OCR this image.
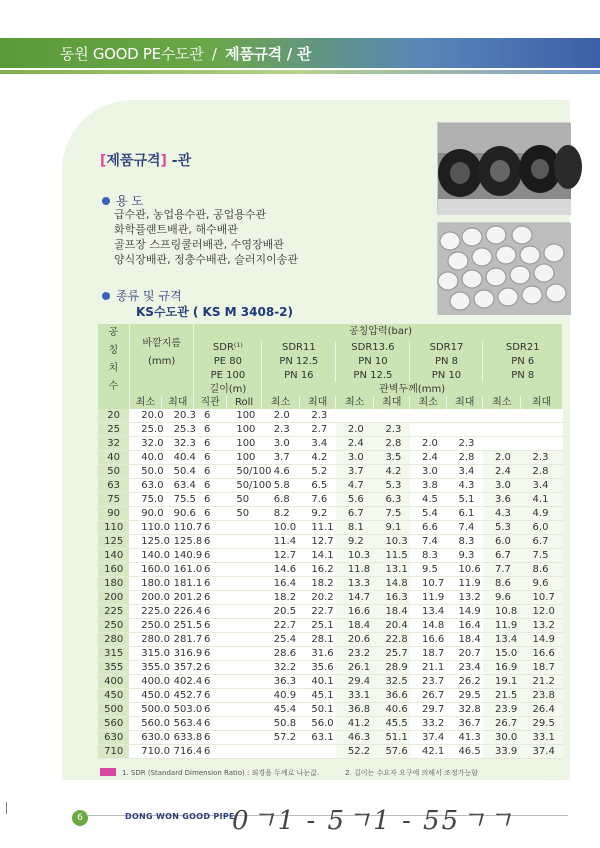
동원 GOOD PE수도관 / 제품규격 / 관
[제품규격] -관
용 도
급수관, 농업용수관, 공업용수관
화학플랜트배관, 해수배관
골프장 스프링쿨러배관, 수영장배관
양식장배관, 정충수배관, 슬러지이송관
종류 및 규격
KS수도관 ( KS M 3408-2)
공 칭 치 수	바깥지름 (mm)		공칭압력(bar)									
			SDR⁽¹⁾		SDR11		SDR13.6		SDR17		SDR21	
			PE 80		PN 12.5		PN 10		PN 8		PN 6	
			PE 100		PN 16		PN 12.5		PN 10		PN 8	
			길이(m)		관벽두께(mm)							
	최소	최대	직관	Roll	최소	최대	최소	최대	최소	최대	최소	최대
20	20.0	20.3	6	100	2.0	2.3						
25	25.0	25.3	6	100	2.3	2.7	2.0	2.3				
32	32.0	32.3	6	100	3.0	3.4	2.4	2.8	2.0	2.3		
40	40.0	40.4	6	100	3.7	4.2	3.0	3.5	2.4	2.8	2.0	2.3
50	50.0	50.4	6	50/100	4.6	5.2	3.7	4.2	3.0	3.4	2.4	2.8
63	63.0	63.4	6	50/100	5.8	6.5	4.7	5.3	3.8	4.3	3.0	3.4
75	75.0	75.5	6	50	6.8	7.6	5.6	6.3	4.5	5.1	3.6	4.1
90	90.0	90.6	6	50	8.2	9.2	6.7	7.5	5.4	6.1	4.3	4.9
110	110.0	110.7	6		10.0	11.1	8.1	9.1	6.6	7.4	5.3	6.0
125	125.0	125.8	6		11.4	12.7	9.2	10.3	7.4	8.3	6.0	6.7
140	140.0	140.9	6		12.7	14.1	10.3	11.5	8.3	9.3	6.7	7.5
160	160.0	161.0	6		14.6	16.2	11.8	13.1	9.5	10.6	7.7	8.6
180	180.0	181.1	6		16.4	18.2	13.3	14.8	10.7	11.9	8.6	9.6
200	200.0	201.2	6		18.2	20.2	14.7	16.3	11.9	13.2	9.6	10.7
225	225.0	226.4	6		20.5	22.7	16.6	18.4	13.4	14.9	10.8	12.0
250	250.0	251.5	6		22.7	25.1	18.4	20.4	14.8	16.4	11.9	13.2
280	280.0	281.7	6		25.4	28.1	20.6	22.8	16.6	18.4	13.4	14.9
315	315.0	316.9	6		28.6	31.6	23.2	25.7	18.7	20.7	15.0	16.6
355	355.0	357.2	6		32.2	35.6	26.1	28.9	21.1	23.4	16.9	18.7
400	400.0	402.4	6		36.3	40.1	29.4	32.5	23.7	26.2	19.1	21.2
450	450.0	452.7	6		40.9	45.1	33.1	36.6	26.7	29.5	21.5	23.8
500	500.0	503.0	6		45.4	50.1	36.8	40.6	29.7	32.8	23.9	26.4
560	560.0	563.4	6		50.8	56.0	41.2	45.5	33.2	36.7	26.7	29.5
630	630.0	633.8	6		57.2	63.1	46.3	51.1	37.4	41.3	30.0	33.1
710	710.0	716.4	6				52.2	57.6	42.1	46.5	33.9	37.4
1. SDR (Standard Dimension Ratio) : 외경을 두께로 나눈값.	2. 길이는 수요자 요구에 의해서 조정가능함
6	DONG WON GOOD PIPE
0ㄱ1 - 5ㄱ1 - 55ㄱㄱ
